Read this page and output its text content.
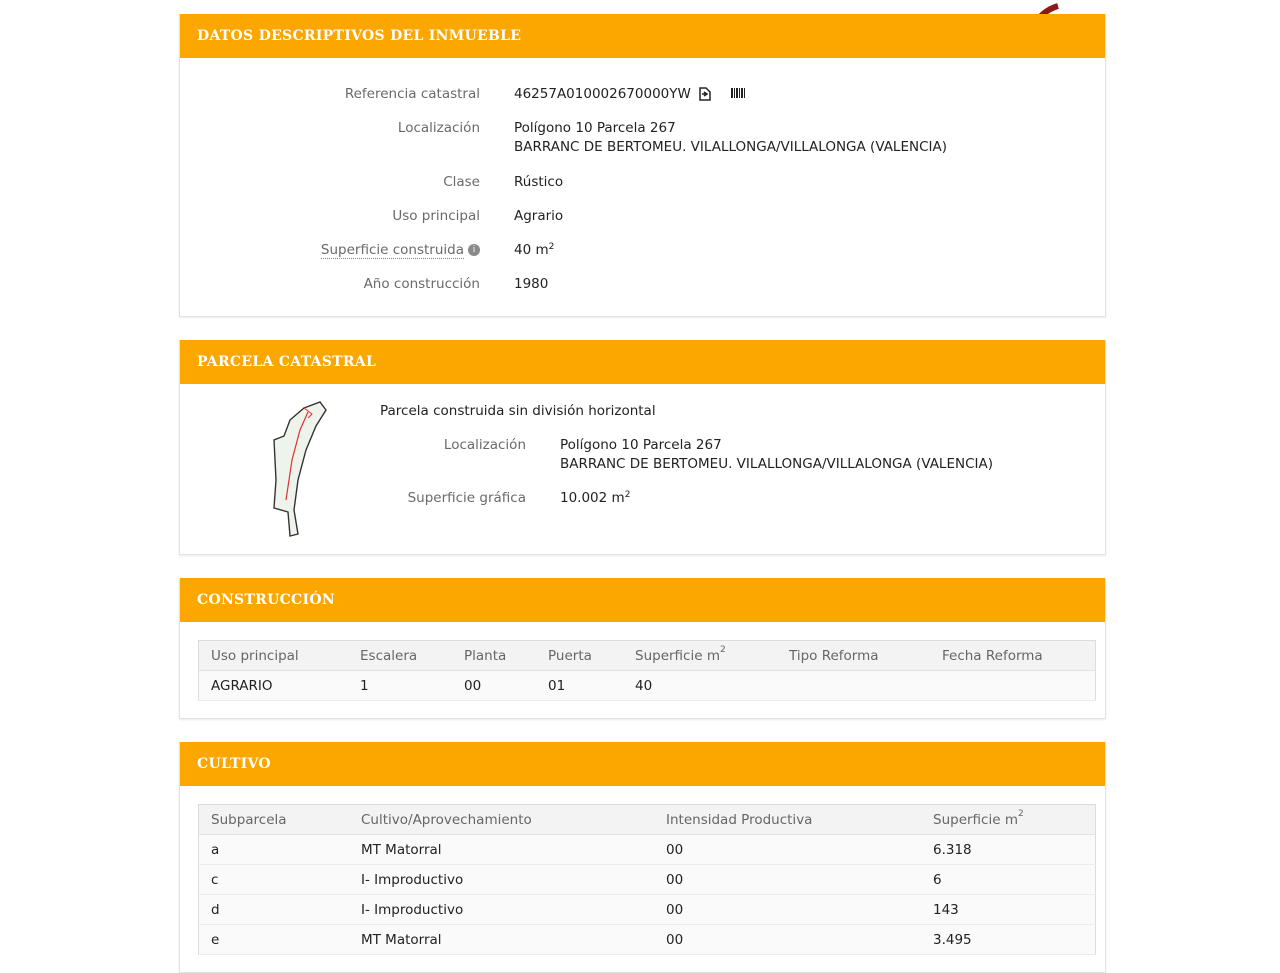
DATOS DESCRIPTIVOS DEL INMUEBLE
Referencia catastral	46257A010002670000YW
Localización	Polígono 10 Parcela 267
BARRANC DE BERTOMEU. VILALLONGA/VILLALONGA (VALENCIA)
Clase	Rústico
Uso principal	Agrario
Superficie construida i	40 $m^2$
Año construcción	1980
PARCELA CATASTRAL
Parcela construida sin división horizontal
Localización	Polígono 10 Parcela 267
BARRANC DE BERTOMEU. VILALLONGA/VILLALONGA (VALENCIA)
Superficie gráfica	10.002 $m^2$
CONSTRUCCIÓN
Uso principal	Escalera	Planta	Puerta	Superficie $m^2$	Tipo Reforma	Fecha Reforma
AGRARIO	1	00	01	40		
CULTIVO
Subparcela	Cultivo/Aprovechamiento	Intensidad Productiva	Superficie $m^2$
a	MT Matorral	00	6.318
c	I- Improductivo	00	6
d	I- Improductivo	00	143
e	MT Matorral	00	3.495
